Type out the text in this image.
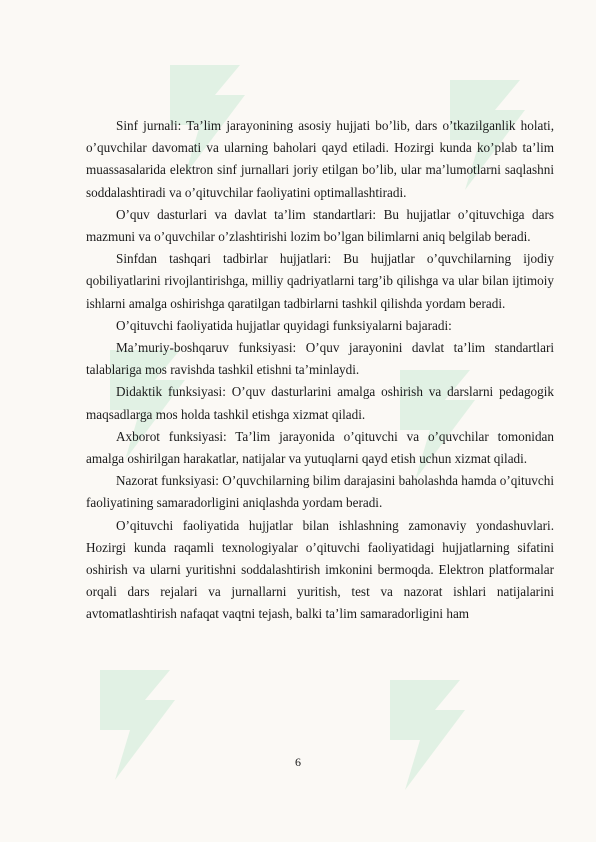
Sinf jurnali: Ta’lim jarayonining asosiy hujjati bo’lib, dars o’tkazilganlik holati, o’quvchilar davomati va ularning baholari qayd etiladi. Hozirgi kunda ko’plab ta’lim muassasalarida elektron sinf jurnallari joriy etilgan bo’lib, ular ma’lumotlarni saqlashni soddalashtiradi va o’qituvchilar faoliyatini optimallashtiradi.

O’quv dasturlari va davlat ta’lim standartlari: Bu hujjatlar o’qituvchiga dars mazmuni va o’quvchilar o’zlashtirishi lozim bo’lgan bilimlarni aniq belgilab beradi.

Sinfdan tashqari tadbirlar hujjatlari: Bu hujjatlar o’quvchilarning ijodiy qobiliyatlarini rivojlantirishga, milliy qadriyatlarni targ’ib qilishga va ular bilan ijtimoiy ishlarni amalga oshirishga qaratilgan tadbirlarni tashkil qilishda yordam beradi.

O’qituvchi faoliyatida hujjatlar quyidagi funksiyalarni bajaradi:

Ma’muriy-boshqaruv funksiyasi: O’quv jarayonini davlat ta’lim standartlari talablariga mos ravishda tashkil etishni ta’minlaydi.

Didaktik funksiyasi: O’quv dasturlarini amalga oshirish va darslarni pedagogik maqsadlarga mos holda tashkil etishga xizmat qiladi.

Axborot funksiyasi: Ta’lim jarayonida o’qituvchi va o’quvchilar tomonidan amalga oshirilgan harakatlar, natijalar va yutuqlarni qayd etish uchun xizmat qiladi.

Nazorat funksiyasi: O’quvchilarning bilim darajasini baholashda hamda o’qituvchi faoliyatining samaradorligini aniqlashda yordam beradi.

O’qituvchi faoliyatida hujjatlar bilan ishlashning zamonaviy yondashuvlari. Hozirgi kunda raqamli texnologiyalar o’qituvchi faoliyatidagi hujjatlarning sifatini oshirish va ularni yuritishni soddalashtirish imkonini bermoqda. Elektron platformalar orqali dars rejalari va jurnallarni yuritish, test va nazorat ishlari natijalarini avtomatlashtirish nafaqat vaqtni tejash, balki ta’lim samaradorligini ham

6
